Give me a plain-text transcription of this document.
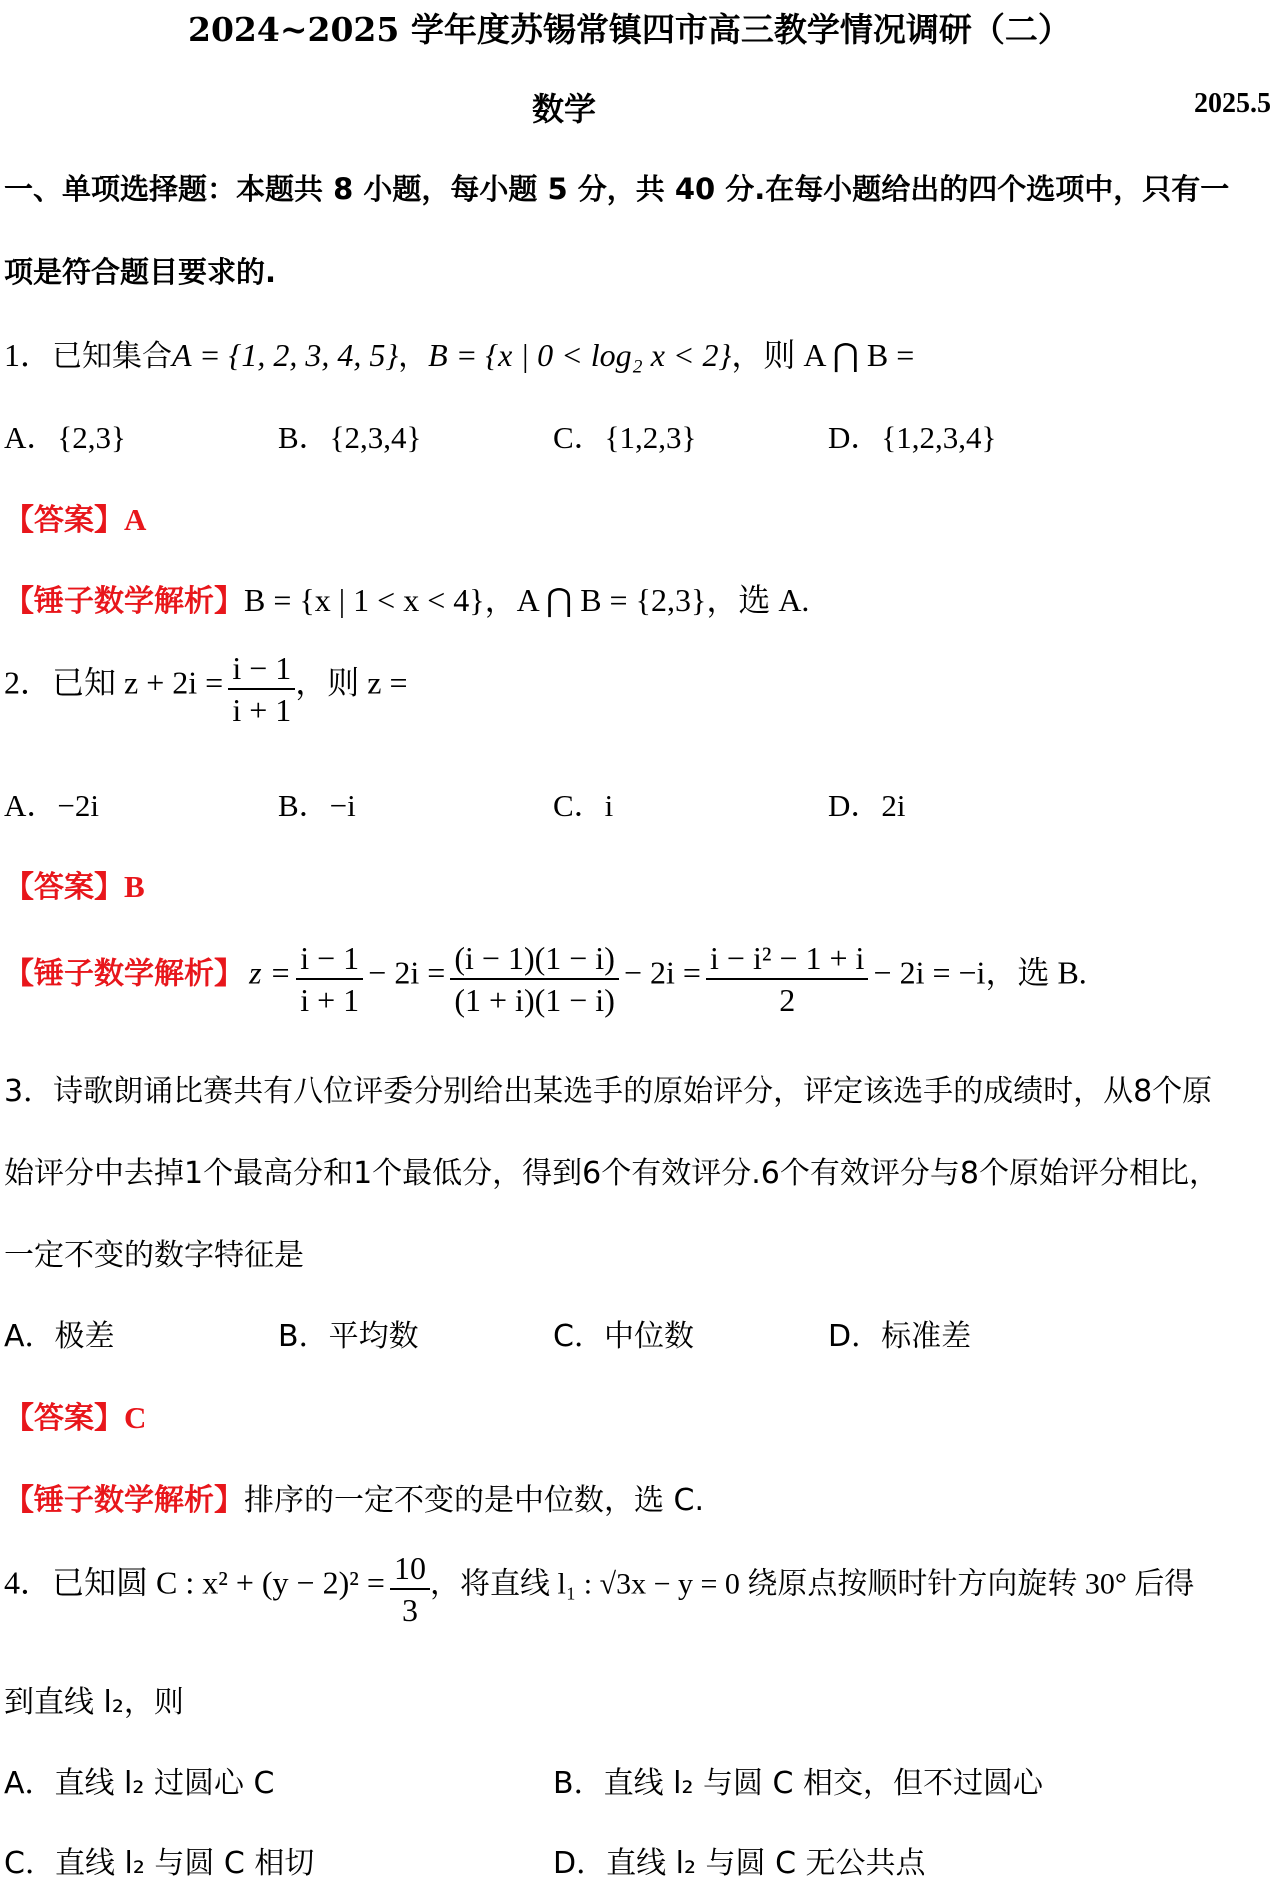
2024~2025 学年度苏锡常镇四市高三教学情况调研（二）
数学	2025.5
一、单项选择题：本题共 8 小题，每小题 5 分，共 40 分.在每小题给出的四个选项中，只有一
项是符合题目要求的.
1．已知集合A = {1, 2, 3, 4, 5}，B = {x | 0 < log₂ x < 2}，则 A ⋂ B =
A．{2,3}	B．{2,3,4}	C．{1,2,3}	D．{1,2,3,4}
【答案】A
【锤子数学解析】B = {x | 1 < x < 4}，A ⋂ B = {2,3}，选 A.
2．已知 $z + 2i = \frac{i - 1}{i + 1}$ ，则 z =
A．−2i	B．−i	C．i	D．2i
【答案】B
【锤子数学解析】 $z = \frac{i - 1}{i + 1} - 2i = \frac{(i - 1)(1 - i)}{(1 + i)(1 - i)} - 2i = \frac{\text{i − i² − 1 + i}}{2} - 2i = -i$，选 B.
3．诗歌朗诵比赛共有八位评委分别给出某选手的原始评分，评定该选手的成绩时，从8个原
始评分中去掉1个最高分和1个最低分，得到6个有效评分.6个有效评分与8个原始评分相比，
一定不变的数字特征是
A．极差	B．平均数	C．中位数	D．标准差
【答案】C
【锤子数学解析】排序的一定不变的是中位数，选 C.
4．已知圆 C : $x^2 + (y - 2)^2 = \frac{10}{3}$ ，将直线 l₁ : √3x − y = 0 绕原点按顺时针方向旋转 30° 后得
到直线 l₂，则
A．直线 l₂ 过圆心 C	B．直线 l₂ 与圆 C 相交，但不过圆心
C．直线 l₂ 与圆 C 相切	D．直线 l₂ 与圆 C 无公共点
